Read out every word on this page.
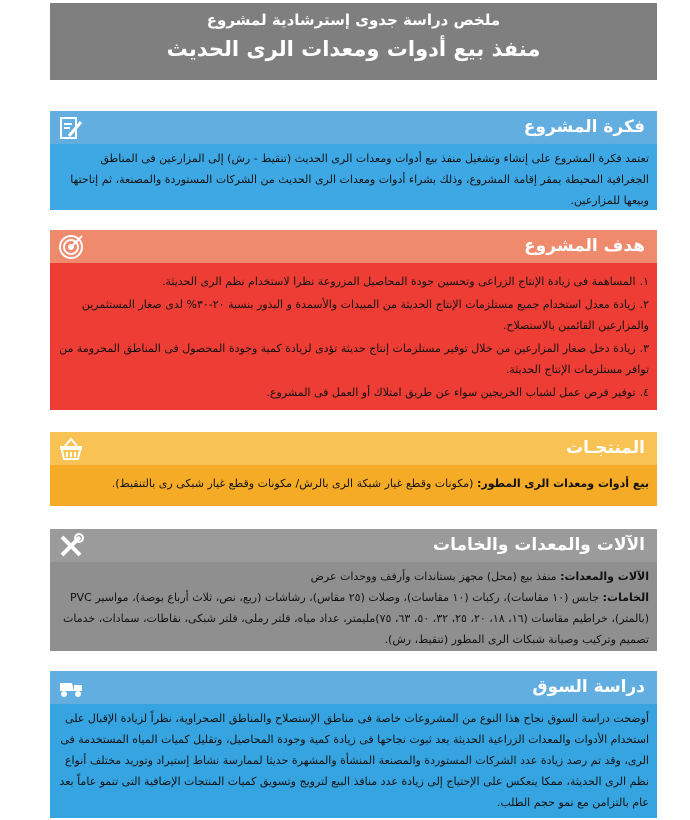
ملخص دراسة جدوى إسترشادية لمشروع
منفذ بيع أدوات ومعدات الرى الحديث
فكرة المشروع

تعتمد فكرة المشروع على إنشاء وتشغيل منفذ بيع أدوات ومعدات الرى الحديث (تنقيط - رش) إلى المزارعين فى المناطق الجغرافية المحيطة بمقر إقامة المشروع، وذلك بشراء أدوات ومعدات الرى الحديث من الشركات المستوردة والمصنعة، ثم إتاحتها وبيعها للمزارعين.

هدف المشروع
١.المساهمة فى زيادة الإنتاج الزراعى وتحسين جودة المحاصيل المزروعة نظرا لاستخدام نظم الرى الحديثة.
٢.زيادة معدل استخدام جميع مستلزمات الإنتاج الحديثة من المبيدات والأسمدة و البذور بنسبة ٢٠-٣٠% لدى صغار المستثمرين والمزارعين القائمين بالاستصلاح.
٣.زيادة دخل صغار المزارعين من خلال توفير مستلزمات إنتاج حديثة تؤدى لزيادة كمية وجودة المحصول فى المناطق المحرومة من توافر مستلزمات الإنتاج الحديثة.
٤.توفير فرص عمل لشباب الخريجين سواء عن طريق امتلاك أو العمل فى المشروع.
المنتجـات

بيع أدوات ومعدات الرى المطور: (مكونات وقطع غيار شبكة الرى بالرش/ مكونات وقطع غيار شبكى رى بالتنقيط).

الآلات والمعدات والخامات

الآلات والمعدات: منفذ بيع (محل) مجهز بستاندات وأرفف ووحدات عرض

الخامات: جابس (١٠ مقاسات)، ركبات (١٠ مقاسات)، وصلات (٢٥ مقاس)، رشاشات (ربع، نص، ثلاث أرباع بوصة)، مواسير PVC (بالمتر)، خراطيم مقاسات (١٦، ١٨، ٢٠، ٢٥، ٣٢، ٥٠، ٦٣، ٧٥)مليمتر، عداد مياه، فلتر رملى، فلتر شبكى، نقاطات، سمادات، خدمات تصميم وتركيب وصيانة شبكات الرى المطور (تنقيط، رش).

دراسة السوق

أوضحت دراسة السوق نجاح هذا النوع من المشروعات خاصة فى مناطق الإستصلاح والمناطق الصحراوية، نظراً لزيادة الإقبال على استخدام الأدوات والمعدات الزراعية الحديثة بعد ثبوت نجاحها فى زيادة كمية وجودة المحاصيل، وتقليل كميات المياه المستخدمة فى الرى، وقد تم رصد زيادة عدد الشركات المستوردة والمصنعة المنشأة والمشهرة حديثا لممارسة نشاط إستيراد وتوريد مختلف أنواع نظم الرى الحديثة، ممكا ينعكس على الإحتياج إلى زيادة عدد منافذ البيع لترويج وتسويق كميات المنتجات الإضافية التى تنمو عاماً بعد عام بالتزامن مع نمو حجم الطلب.
